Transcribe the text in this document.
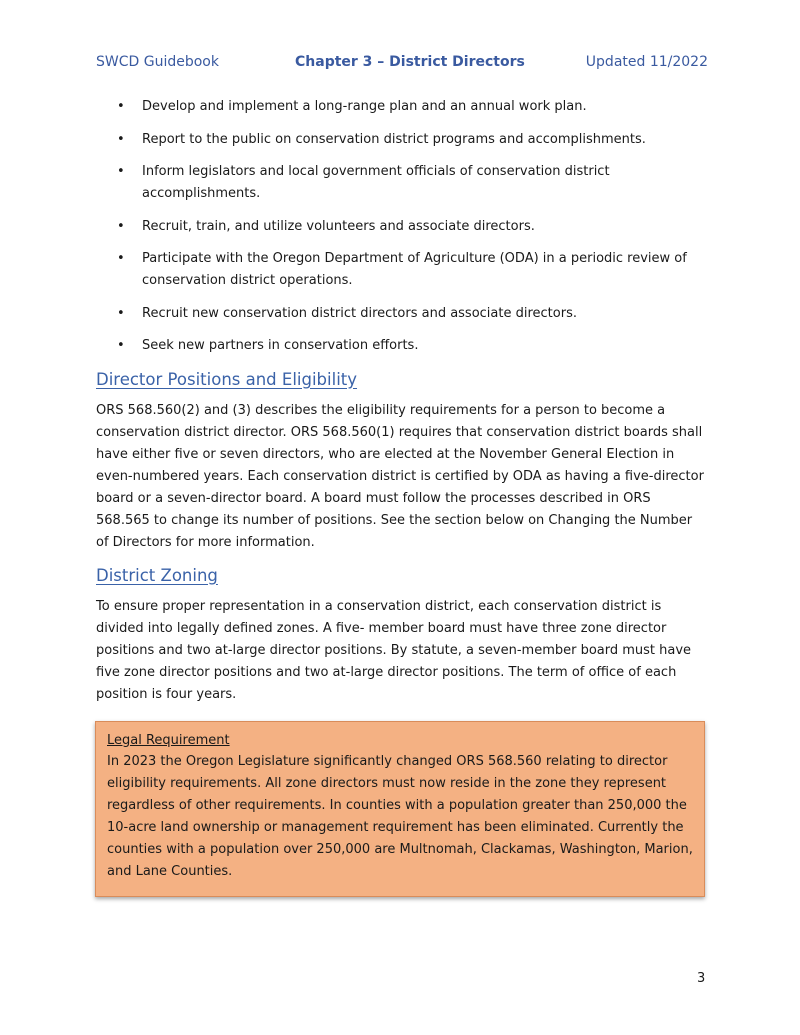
SWCD Guidebook	Chapter 3 – District Directors	Updated 11/2022
• Develop and implement a long-range plan and an annual work plan.
• Report to the public on conservation district programs and accomplishments.
• Inform legislators and local government officials of conservation district accomplishments.
• Recruit, train, and utilize volunteers and associate directors.
• Participate with the Oregon Department of Agriculture (ODA) in a periodic review of conservation district operations.
• Recruit new conservation district directors and associate directors.
• Seek new partners in conservation efforts.
Director Positions and Eligibility

ORS 568.560(2) and (3) describes the eligibility requirements for a person to become a conservation district director. ORS 568.560(1) requires that conservation district boards shall have either five or seven directors, who are elected at the November General Election in even-numbered years. Each conservation district is certified by ODA as having a five-director board or a seven-director board. A board must follow the processes described in ORS 568.565 to change its number of positions. See the section below on Changing the Number of Directors for more information.

District Zoning

To ensure proper representation in a conservation district, each conservation district is divided into legally defined zones. A five- member board must have three zone director positions and two at-large director positions. By statute, a seven-member board must have five zone director positions and two at-large director positions. The term of office of each position is four years.

Legal Requirement
In 2023 the Oregon Legislature significantly changed ORS 568.560 relating to director eligibility requirements. All zone directors must now reside in the zone they represent regardless of other requirements. In counties with a population greater than 250,000 the 10-acre land ownership or management requirement has been eliminated. Currently the counties with a population over 250,000 are Multnomah, Clackamas, Washington, Marion, and Lane Counties.
3
